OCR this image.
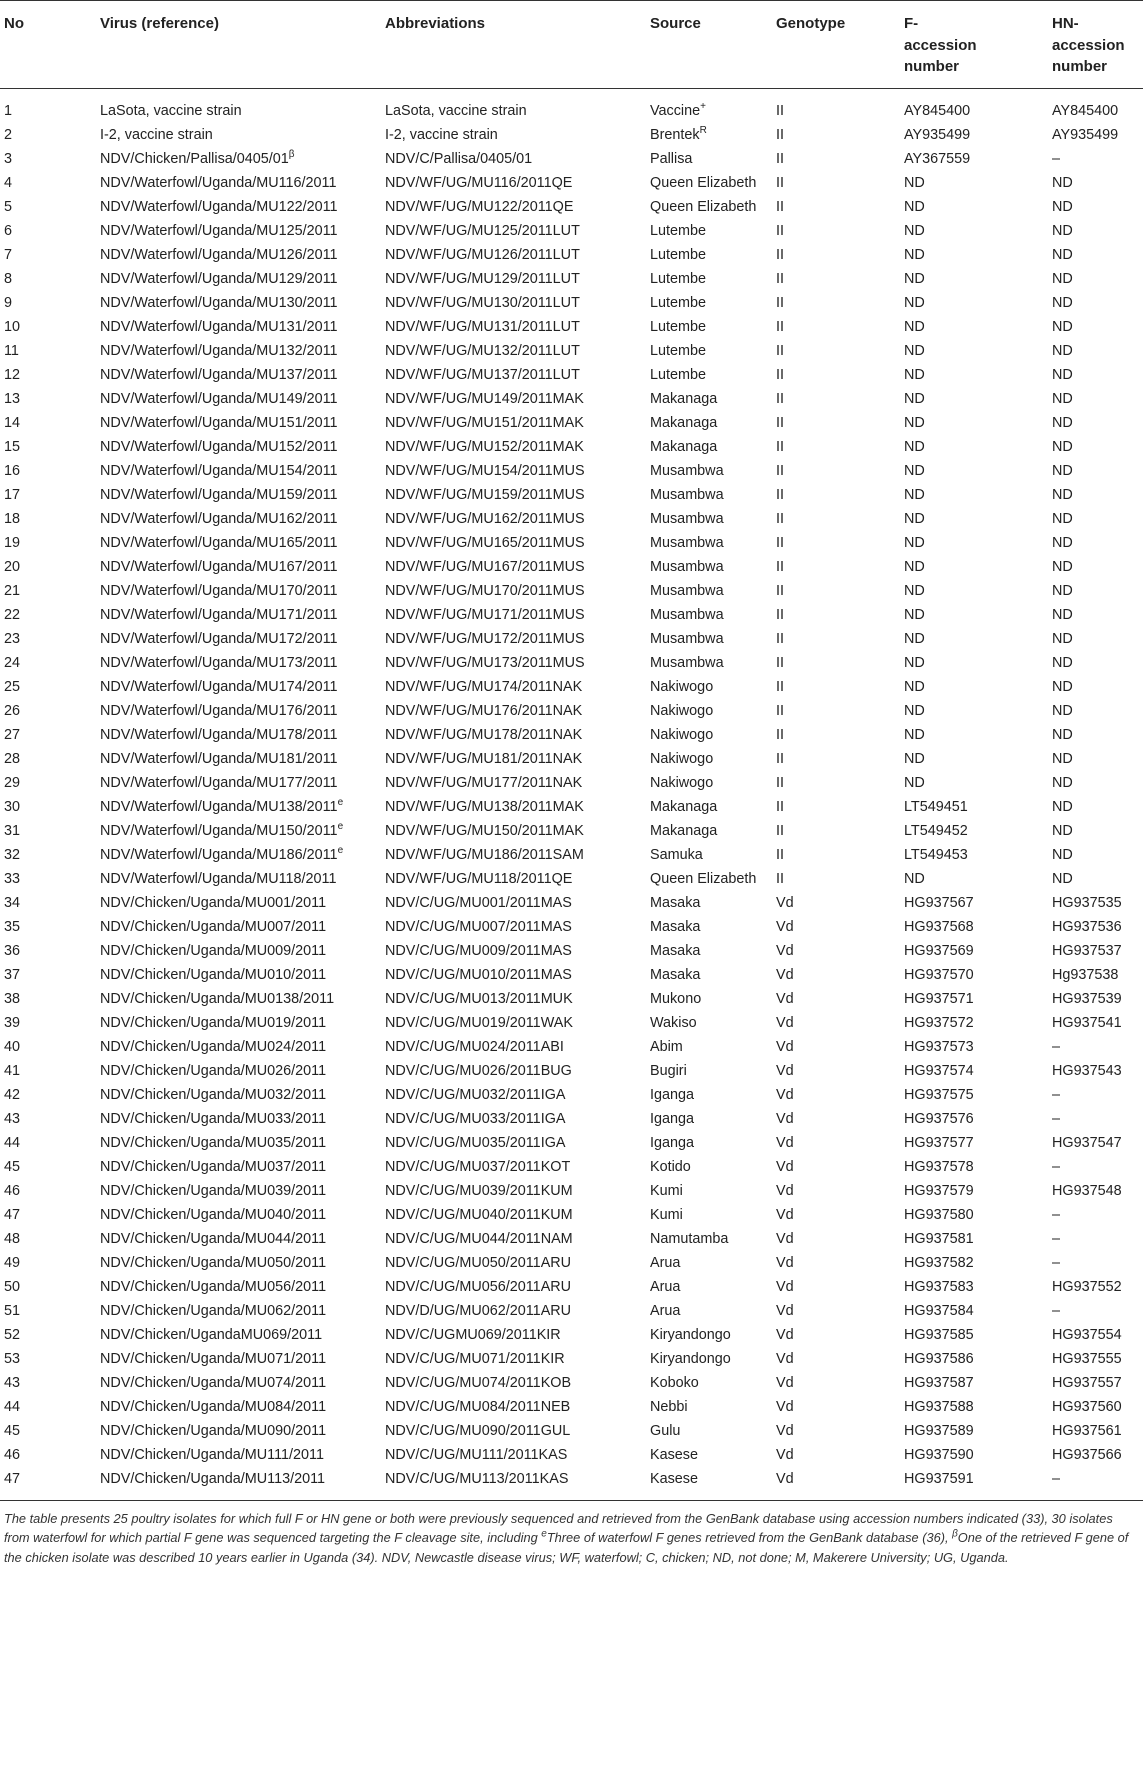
No	Virus (reference)	Abbreviations	Source	Genotype	F-
accession
number	HN-
accession
number
1	LaSota, vaccine strain	LaSota, vaccine strain	Vaccine+	II	AY845400	AY845400
2	I-2, vaccine strain	I-2, vaccine strain	Brentek$^R$	II	AY935499	AY935499
3	NDV/$Chicken/Pallisa/0405/01^\beta$	NDV/C/Pallisa/0405/01	Pallisa	II	AY367559	–
4	NDV/Waterfowl/Uganda/MU116/2011	NDV/WF/UG/MU116/2011QE	Queen Elizabeth	II	ND	ND
5	NDV/Waterfowl/Uganda/MU122/2011	NDV/WF/UG/MU122/2011QE	Queen Elizabeth	II	ND	ND
6	NDV/Waterfowl/Uganda/MU125/2011	NDV/WF/UG/MU125/2011LUT	Lutembe	II	ND	ND
7	NDV/Waterfowl/Uganda/MU126/2011	NDV/WF/UG/MU126/2011LUT	Lutembe	II	ND	ND
8	NDV/Waterfowl/Uganda/MU129/2011	NDV/WF/UG/MU129/2011LUT	Lutembe	II	ND	ND
9	NDV/Waterfowl/Uganda/MU130/2011	NDV/WF/UG/MU130/2011LUT	Lutembe	II	ND	ND
10	NDV/Waterfowl/Uganda/MU131/2011	NDV/WF/UG/MU131/2011LUT	Lutembe	II	ND	ND
11	NDV/Waterfowl/Uganda/MU132/2011	NDV/WF/UG/MU132/2011LUT	Lutembe	II	ND	ND
12	NDV/Waterfowl/Uganda/MU137/2011	NDV/WF/UG/MU137/2011LUT	Lutembe	II	ND	ND
13	NDV/Waterfowl/Uganda/MU149/2011	NDV/WF/UG/MU149/2011MAK	Makanaga	II	ND	ND
14	NDV/Waterfowl/Uganda/MU151/2011	NDV/WF/UG/MU151/2011MAK	Makanaga	II	ND	ND
15	NDV/Waterfowl/Uganda/MU152/2011	NDV/WF/UG/MU152/2011MAK	Makanaga	II	ND	ND
16	NDV/Waterfowl/Uganda/MU154/2011	NDV/WF/UG/MU154/2011MUS	Musambwa	II	ND	ND
17	NDV/Waterfowl/Uganda/MU159/2011	NDV/WF/UG/MU159/2011MUS	Musambwa	II	ND	ND
18	NDV/Waterfowl/Uganda/MU162/2011	NDV/WF/UG/MU162/2011MUS	Musambwa	II	ND	ND
19	NDV/Waterfowl/Uganda/MU165/2011	NDV/WF/UG/MU165/2011MUS	Musambwa	II	ND	ND
20	NDV/Waterfowl/Uganda/MU167/2011	NDV/WF/UG/MU167/2011MUS	Musambwa	II	ND	ND
21	NDV/Waterfowl/Uganda/MU170/2011	NDV/WF/UG/MU170/2011MUS	Musambwa	II	ND	ND
22	NDV/Waterfowl/Uganda/MU171/2011	NDV/WF/UG/MU171/2011MUS	Musambwa	II	ND	ND
23	NDV/Waterfowl/Uganda/MU172/2011	NDV/WF/UG/MU172/2011MUS	Musambwa	II	ND	ND
24	NDV/Waterfowl/Uganda/MU173/2011	NDV/WF/UG/MU173/2011MUS	Musambwa	II	ND	ND
25	NDV/Waterfowl/Uganda/MU174/2011	NDV/WF/UG/MU174/2011NAK	Nakiwogo	II	ND	ND
26	NDV/Waterfowl/Uganda/MU176/2011	NDV/WF/UG/MU176/2011NAK	Nakiwogo	II	ND	ND
27	NDV/Waterfowl/Uganda/MU178/2011	NDV/WF/UG/MU178/2011NAK	Nakiwogo	II	ND	ND
28	NDV/Waterfowl/Uganda/MU181/2011	NDV/WF/UG/MU181/2011NAK	Nakiwogo	II	ND	ND
29	NDV/Waterfowl/Uganda/MU177/2011	NDV/WF/UG/MU177/2011NAK	Nakiwogo	II	ND	ND
30	NDV/Waterfowl/Uganda/MU138/2011e	NDV/WF/UG/MU138/2011MAK	Makanaga	II	LT549451	ND
31	NDV/Waterfowl/Uganda/MU150/2011e	NDV/WF/UG/MU150/2011MAK	Makanaga	II	LT549452	ND
32	NDV/Waterfowl/Uganda/MU186/2011e	NDV/WF/UG/MU186/2011SAM	Samuka	II	LT549453	ND
33	NDV/Waterfowl/Uganda/MU118/2011	NDV/WF/UG/MU118/2011QE	Queen Elizabeth	II	ND	ND
34	NDV/Chicken/Uganda/MU001/2011	NDV/C/UG/MU001/2011MAS	Masaka	Vd	HG937567	HG937535
35	NDV/Chicken/Uganda/MU007/2011	NDV/C/UG/MU007/2011MAS	Masaka	Vd	HG937568	HG937536
36	NDV/Chicken/Uganda/MU009/2011	NDV/C/UG/MU009/2011MAS	Masaka	Vd	HG937569	HG937537
37	NDV/Chicken/Uganda/MU010/2011	NDV/C/UG/MU010/2011MAS	Masaka	Vd	HG937570	Hg937538
38	NDV/Chicken/Uganda/MU0138/2011	NDV/C/UG/MU013/2011MUK	Mukono	Vd	HG937571	HG937539
39	NDV/Chicken/Uganda/MU019/2011	NDV/C/UG/MU019/2011WAK	Wakiso	Vd	HG937572	HG937541
40	NDV/Chicken/Uganda/MU024/2011	NDV/C/UG/MU024/2011ABI	Abim	Vd	HG937573	–
41	NDV/Chicken/Uganda/MU026/2011	NDV/C/UG/MU026/2011BUG	Bugiri	Vd	HG937574	HG937543
42	NDV/Chicken/Uganda/MU032/2011	NDV/C/UG/MU032/2011IGA	Iganga	Vd	HG937575	–
43	NDV/Chicken/Uganda/MU033/2011	NDV/C/UG/MU033/2011IGA	Iganga	Vd	HG937576	–
44	NDV/Chicken/Uganda/MU035/2011	NDV/C/UG/MU035/2011IGA	Iganga	Vd	HG937577	HG937547
45	NDV/Chicken/Uganda/MU037/2011	NDV/C/UG/MU037/2011KOT	Kotido	Vd	HG937578	–
46	NDV/Chicken/Uganda/MU039/2011	NDV/C/UG/MU039/2011KUM	Kumi	Vd	HG937579	HG937548
47	NDV/Chicken/Uganda/MU040/2011	NDV/C/UG/MU040/2011KUM	Kumi	Vd	HG937580	–
48	NDV/Chicken/Uganda/MU044/2011	NDV/C/UG/MU044/2011NAM	Namutamba	Vd	HG937581	–
49	NDV/Chicken/Uganda/MU050/2011	NDV/C/UG/MU050/2011ARU	Arua	Vd	HG937582	–
50	NDV/Chicken/Uganda/MU056/2011	NDV/C/UG/MU056/2011ARU	Arua	Vd	HG937583	HG937552
51	NDV/Chicken/Uganda/MU062/2011	NDV/D/UG/MU062/2011ARU	Arua	Vd	HG937584	–
52	NDV/Chicken/UgandaMU069/2011	NDV/C/UGMU069/2011KIR	Kiryandongo	Vd	HG937585	HG937554
53	NDV/Chicken/Uganda/MU071/2011	NDV/C/UG/MU071/2011KIR	Kiryandongo	Vd	HG937586	HG937555
43	NDV/Chicken/Uganda/MU074/2011	NDV/C/UG/MU074/2011KOB	Koboko	Vd	HG937587	HG937557
44	NDV/Chicken/Uganda/MU084/2011	NDV/C/UG/MU084/2011NEB	Nebbi	Vd	HG937588	HG937560
45	NDV/Chicken/Uganda/MU090/2011	NDV/C/UG/MU090/2011GUL	Gulu	Vd	HG937589	HG937561
46	NDV/Chicken/Uganda/MU111/2011	NDV/C/UG/MU111/2011KAS	Kasese	Vd	HG937590	HG937566
47	NDV/Chicken/Uganda/MU113/2011	NDV/C/UG/MU113/2011KAS	Kasese	Vd	HG937591	–

The table presents 25 poultry isolates for which full F or HN gene or both were previously sequenced and retrieved from the GenBank database using accession numbers indicated (33), 30 isolates from waterfowl for which partial F gene was sequenced targeting the F cleavage site, including $^e$Three of waterfowl F genes retrieved from the GenBank database (36), $^\beta$One of the retrieved F gene of the chicken isolate was described 10 years earlier in Uganda (34). NDV, Newcastle disease virus; WF, waterfowl; C, chicken; ND, not done; M, Makerere University; UG, Uganda.
